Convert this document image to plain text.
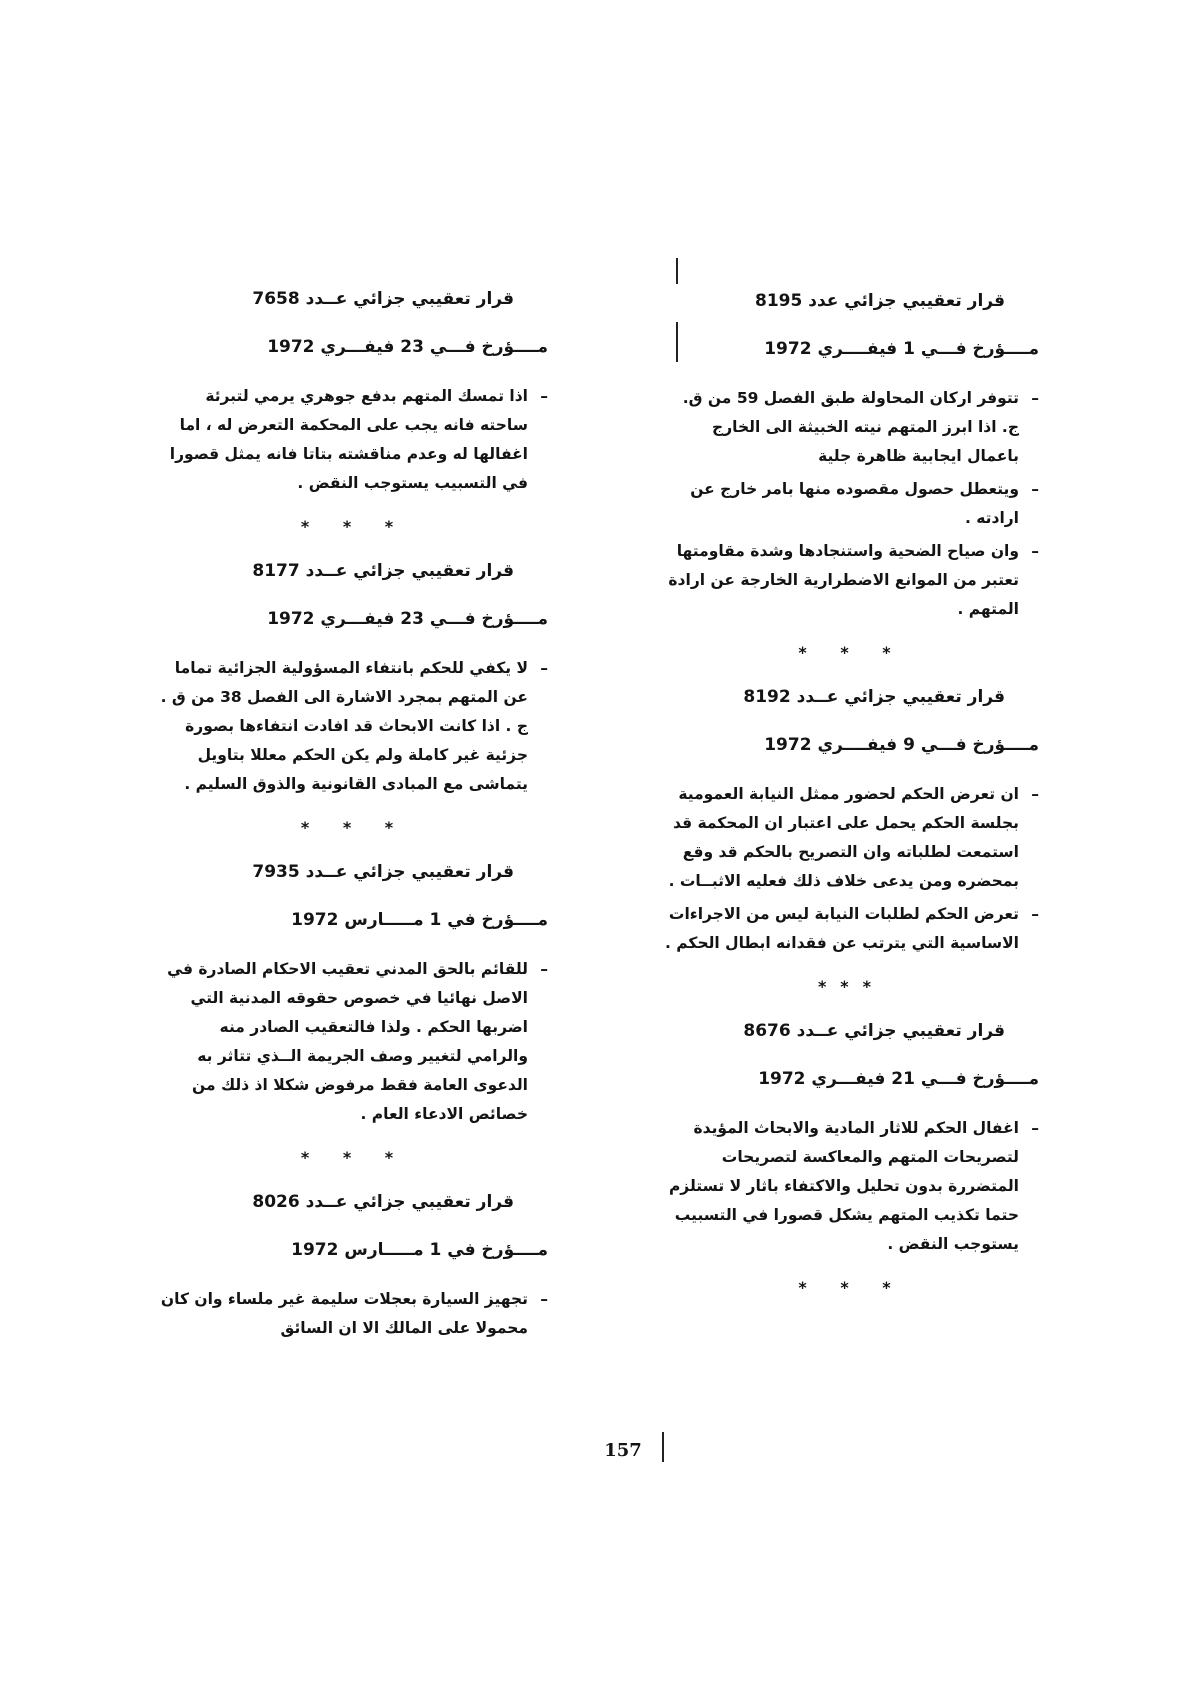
قرار تعقيبي جزائي عدد 8195
مــــؤرخ فـــي 1 فيفــــري 1972

– تتوفر اركان المحاولة طبق الفصل 59 من ق. ج. اذا ابرز المتهم نيته الخبيثة الى الخارج باعمال ايجابية ظاهرة جلية

– ويتعطل حصول مقصوده منها بامر خارج عن ارادته .

– وان صياح الضحية واستنجادها وشدة مقاومتها تعتبر من الموانع الاضطرارية الخارجة عن ارادة المتهم .

* * *
قرار تعقيبي جزائي عــدد 8192
مــــؤرخ فـــي 9 فيفــــري 1972

– ان تعرض الحكم لحضور ممثل النيابة العمومية بجلسة الحكم يحمل على اعتبار ان المحكمة قد استمعت لطلباته وان التصريح بالحكم قد وقع بمحضره ومن يدعى خلاف ذلك فعليه الاثبــات .

– تعرض الحكم لطلبات النيابة ليس من الاجراءات الاساسية التي يترتب عن فقدانه ابطال الحكم .

***
قرار تعقيبي جزائي عــدد 8676
مــــؤرخ فـــي 21 فيفـــري 1972

– اغفال الحكم للاثار المادية والابحاث المؤيدة لتصريحات المتهم والمعاكسة لتصريحات المتضررة بدون تحليل والاكتفاء باثار لا تستلزم حتما تكذيب المتهم يشكل قصورا في التسبيب يستوجب النقض .

* * *
قرار تعقيبي جزائي عــدد 7658
مــــؤرخ فـــي 23 فيفـــري 1972

– اذا تمسك المتهم بدفع جوهري يرمي لتبرئة ساحته فانه يجب على المحكمة التعرض له ، اما اغفالها له وعدم مناقشته بتاتا فانه يمثل قصورا في التسبيب يستوجب النقض .

* * *
قرار تعقيبي جزائي عــدد 8177
مــــؤرخ فـــي 23 فيفـــري 1972

– لا يكفي للحكم بانتفاء المسؤولية الجزائية تماما عن المتهم بمجرد الاشارة الى الفصل 38 من ق . ج . اذا كانت الابحاث قد افادت انتفاءها بصورة جزئية غير كاملة ولم يكن الحكم معللا بتاويل يتماشى مع المبادى القانونية والذوق السليم .

* * *
قرار تعقيبي جزائي عــدد 7935
مــــؤرخ في 1 مـــــارس 1972

– للقائم بالحق المدني تعقيب الاحكام الصادرة في الاصل نهائيا في خصوص حقوقه المدنية التي اضربها الحكم . ولذا فالتعقيب الصادر منه والرامي لتغيير وصف الجريمة الــذي تتاثر به الدعوى العامة فقط مرفوض شكلا اذ ذلك من خصائص الادعاء العام .

* * *
قرار تعقيبي جزائي عــدد 8026
مــــؤرخ في 1 مـــــارس 1972

– تجهيز السيارة بعجلات سليمة غير ملساء وان كان محمولا على المالك الا ان السائق

157
